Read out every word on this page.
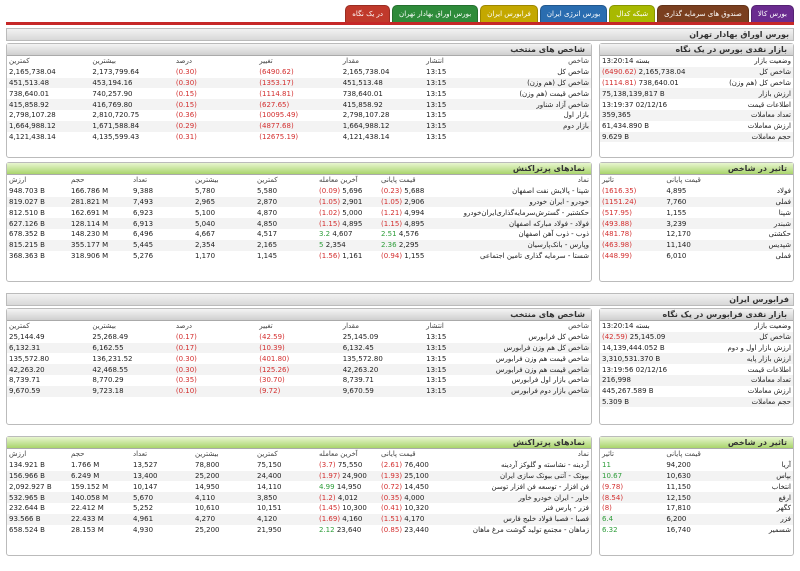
در یک نگاه	بورس اوراق بهادار تهران	فرابورس ایران	بورس انرژی ایران	شبکه کدال	صندوق های سرمایه گذاری	بورس کالا
بورس اوراق بهادار تهران
بازار نقدی بورس در یک نگاه
بسته 13:20:14	وضعیت بازار
(6490.62) 2,165,738.04	شاخص کل
(1114.81) 738,640.01	شاخص کل (هم وزن)
75,138,139,817 B	ارزش بازار
13:19:37 02/12/16	اطلاعات قیمت
359,365	تعداد معاملات
61,434.890 B	ارزش معاملات
9.629 B	حجم معاملات
شاخص های منتخب
کمترین	بیشترین	درصد	تغییر	مقدار	انتشار	شاخص
2,165,738.04	2,173,799.64	(0.30)	(6490.62)	2,165,738.04	13:15	شاخص کل
451,513.48	453,194.16	(0.30)	(1353.17)	451,513.48	13:15	شاخص کل (هم وزن)
738,640.01	740,257.90	(0.15)	(1114.81)	738,640.01	13:15	شاخص قیمت (هم وزن)
415,858.92	416,769.80	(0.15)	(627.65)	415,858.92	13:15	شاخص آزاد شناور
2,798,107.28	2,810,720.75	(0.36)	(10095.49)	2,798,107.28	13:15	بازار اول
1,664,988.12	1,671,588.84	(0.29)	(4877.68)	1,664,988.12	13:15	بازار دوم
4,121,438.14	4,135,599.43	(0.31)	(12675.19)	4,121,438.14	13:15	
تاثیر در شاخص
تاثیر	قیمت پایانی	
(1616.35)	4,895	فولاد
(1151.24)	7,760	فملی
(517.95)	1,155	شپنا
(493.88)	3,239	شبندر
(481.78)	12,170	حکشتی
(463.98)	11,140	شپدیس
(448.99)	6,010	فملی
نمادهای پرتراکنش
ارزش	حجم	تعداد	بیشترین	کمترین	آخرین معامله	قیمت پایانی	نماد
948.703 B	166.786 M	9,388	5,780	5,580	(0.09) 5,696	(0.23) 5,688	شپنا - پالایش نفت اصفهان
819.027 B	281.821 M	7,493	2,965	2,870	(1.05) 2,901	(1.05) 2,906	خودرو - ایران خودرو
812.510 B	162.691 M	6,923	5,100	4,870	(1.02) 5,000	(1.21) 4,994	حکشتیر - گسترش‌سرمایه‌گذاری‌ایران‌خودرو
627.126 B	128.114 M	6,913	5,040	4,850	(1.15) 4,895	(1.15) 4,895	فولاد - فولاد مبارکه اصفهان
678.352 B	148.230 M	6,496	4,667	4,517	3.2 4,607	2.51 4,576	ذوب - ذوب آهن اصفهان
815.215 B	355.177 M	5,445	2,354	2,165	5 2,354	2.36 2,295	وپارس - بانک‌پارسیان
368.363 B	318.906 M	5,276	1,170	1,145	(1.56) 1,161	(0.94) 1,155	شستا - سرمایه گذاری تامین اجتماعی
فرابورس ایران
بازار نقدی فرابورس در یک نگاه
بسته 13:20:14	وضعیت بازار
(42.59) 25,145.09	شاخص کل
14,139,444.052 B	ارزش بازار اول و دوم
3,310,531.370 B	ارزش بازار پایه
13:19:56 02/12/16	اطلاعات قیمت
216,998	تعداد معاملات
445,267.589 B	ارزش معاملات
5.309 B	حجم معاملات
شاخص های منتخب
کمترین	بیشترین	درصد	تغییر	مقدار	انتشار	شاخص
25,144.49	25,268.49	(0.17)	(42.59)	25,145.09	13:15	شاخص کل فرابورس
6,132.31	6,162.55	(0.17)	(10.39)	6,132.45	13:15	شاخص کل هم وزن فرابورس
135,572.80	136,231.52	(0.30)	(401.80)	135,572.80	13:15	شاخص قیمت هم وزن فرابورس
42,263.20	42,468.55	(0.30)	(125.26)	42,263.20	13:15	شاخص قیمت هم وزن فرابورس
8,739.71	8,770.29	(0.35)	(30.70)	8,739.71	13:15	شاخص بازار اول فرابورس
9,670.59	9,723.18	(0.10)	(9.72)	9,670.59	13:15	شاخص بازار دوم فرابورس
تاثیر در شاخص
تاثیر	قیمت پایانی	
11	94,200	آریا
10.67	10,630	بپاس
(9.78)	11,150	انتخاب
(8.54)	12,150	ارفع
(8)	17,810	کگهر
6.4	6,200	فزر
6.32	16,740	شسمیر
نمادهای پرتراکنش
ارزش	حجم	تعداد	بیشترین	کمترین	آخرین معامله	قیمت پایانی	نماد
134.921 B	1.766 M	13,527	78,800	75,150	(3.7) 75,550	(2.61) 76,400	آردینه - نشاسته و گلوکز آردینه
156.966 B	6.249 M	13,400	25,200	24,400	(1.97) 24,900	(1.93) 25,100	بپوتک - آتنی بیوتک سازی ایران
2,092.927 B	159.152 M	10,147	14,950	14,110	4.99 14,950	(0.72) 14,450	فن افزار - توسعه فن افزار توسن
532.965 B	140.058 M	5,670	4,110	3,850	(1.2) 4,012	(0.35) 4,000	خاور - ایران خودرو خاور
232.644 B	22.412 M	5,252	10,610	10,151	(1.45) 10,300	(0.41) 10,320	فزر - پارس فنر
93.566 B	22.433 M	4,961	4,270	4,120	(1.69) 4,160	(1.51) 4,170	فصبا - فصبا فولاد خلیج فارس
658.524 B	28.153 M	4,930	25,200	21,950	2.12 23,640	(0.85) 23,440	زماهان - مجتمع تولید گوشت مرغ ماهان
